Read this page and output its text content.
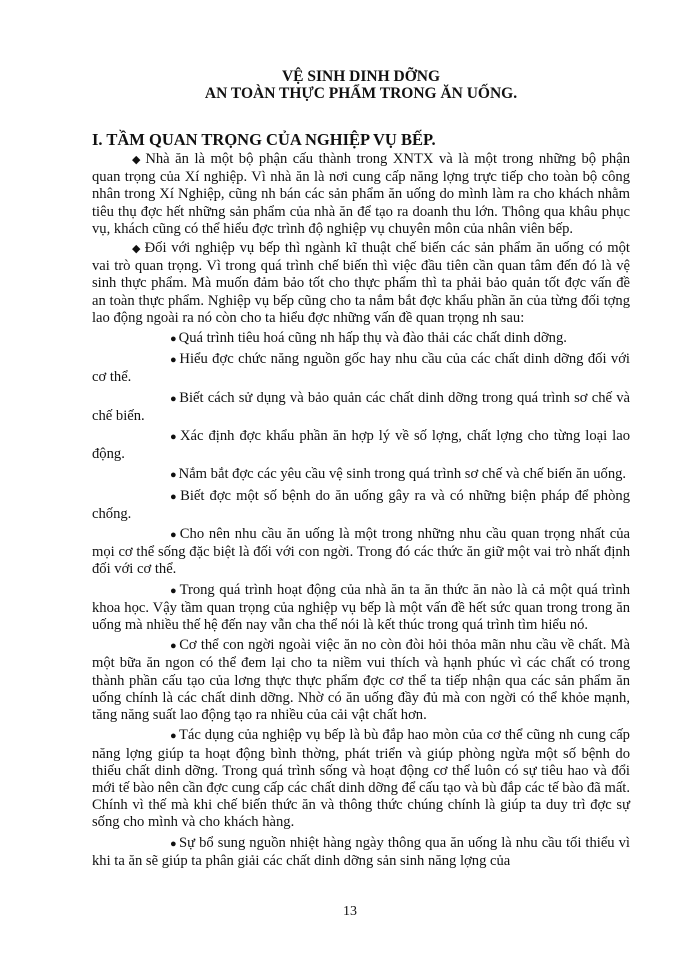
VỆ SINH DINH DỠNG

AN TOÀN THỰC PHẨM TRONG ĂN UỐNG.

I. TẦM QUAN TRỌNG CỦA NGHIỆP VỤ BẾP.

◆ Nhà ăn là một bộ phận cấu thành trong XNTX và là một trong những bộ phận quan trọng của Xí nghiệp. Vì nhà ăn là nơi cung cấp năng lợng trực tiếp cho toàn bộ công nhân trong Xí Nghiệp, cũng nh bán các sản phẩm ăn uống do mình làm ra cho khách nhằm tiêu thụ đợc hết những sản phẩm của nhà ăn để tạo ra doanh thu lớn. Thông qua khâu phục vụ, khách cũng có thể hiểu đợc trình độ nghiệp vụ chuyên môn của nhân viên bếp.

◆ Đối với nghiệp vụ bếp thì ngành kĩ thuật chế biến các sản phẩm ăn uống có một vai trò quan trọng. Vì trong quá trình chế biến thì việc đầu tiên cần quan tâm đến đó là vệ sinh thực phẩm. Mà muốn đảm bảo tốt cho thực phẩm thì ta phải bảo quản tốt đợc vấn đề an toàn thực phẩm. Nghiệp vụ bếp cũng cho ta nắm bắt đợc khẩu phần ăn của từng đối tợng lao động ngoài ra nó còn cho ta hiểu đợc những vấn đề quan trọng nh sau:

● Quá trình tiêu hoá cũng nh hấp thụ và đào thải các chất dinh dỡng.

● Hiểu đợc chức năng nguồn gốc hay nhu cầu của các chất dinh dỡng đối với cơ thể.

● Biết cách sử dụng và bảo quản các chất dinh dỡng trong quá trình sơ chế và chế biến.

● Xác định đợc khẩu phần ăn hợp lý về số lợng, chất lợng cho từng loại lao động.

● Nắm bắt đợc các yêu cầu vệ sinh trong quá trình sơ chế và chế biến ăn uống.

● Biết đợc một số bệnh do ăn uống gây ra và có những biện pháp để phòng chống.

● Cho nên nhu cầu ăn uống là một trong những nhu cầu quan trọng nhất của mọi cơ thể sống đặc biệt là đối với con ngời. Trong đó các thức ăn giữ một vai trò nhất định đối với cơ thể.

● Trong quá trình hoạt động của nhà ăn ta ăn thức ăn nào là cả một quá trình khoa học. Vậy tầm quan trọng của nghiệp vụ bếp là một vấn đề hết sức quan trong trong ăn uống mà nhiều thế hệ đến nay vẫn cha thể nói là kết thúc trong quá trình tìm hiểu nó.

● Cơ thể con ngời ngoài việc ăn no còn đòi hỏi thỏa mãn nhu cầu về chất. Mà một bữa ăn ngon có thể đem lại cho ta niềm vui thích và hạnh phúc vì các chất có trong thành phần cấu tạo của lơng thực thực phẩm đợc cơ thể ta tiếp nhận qua các sản phẩm ăn uống chính là các chất dinh dỡng. Nhờ có ăn uống đầy đủ mà con ngời có thể khỏe mạnh, tăng năng suất lao động tạo ra nhiều của cải vật chất hơn.

● Tác dụng của nghiệp vụ bếp là bù đắp hao mòn của cơ thể cũng nh cung cấp năng lợng giúp ta hoạt động bình thờng, phát triển và giúp phòng ngừa một số bệnh do thiếu chất dinh dỡng. Trong quá trình sống và hoạt động cơ thể luôn có sự tiêu hao và đổi mới tế bào nên cần đợc cung cấp các chất dinh dỡng để cấu tạo và bù đắp các tế bào đã mất. Chính vì thế mà khi chế biến thức ăn và thông thức chúng chính là giúp ta duy trì đợc sự sống cho mình và cho khách hàng.

● Sự bổ sung nguồn nhiệt hàng ngày thông qua ăn uống là nhu cầu tối thiểu vì khi ta ăn sẽ giúp ta phân giải các chất dinh dỡng sản sinh năng lợng của

13
